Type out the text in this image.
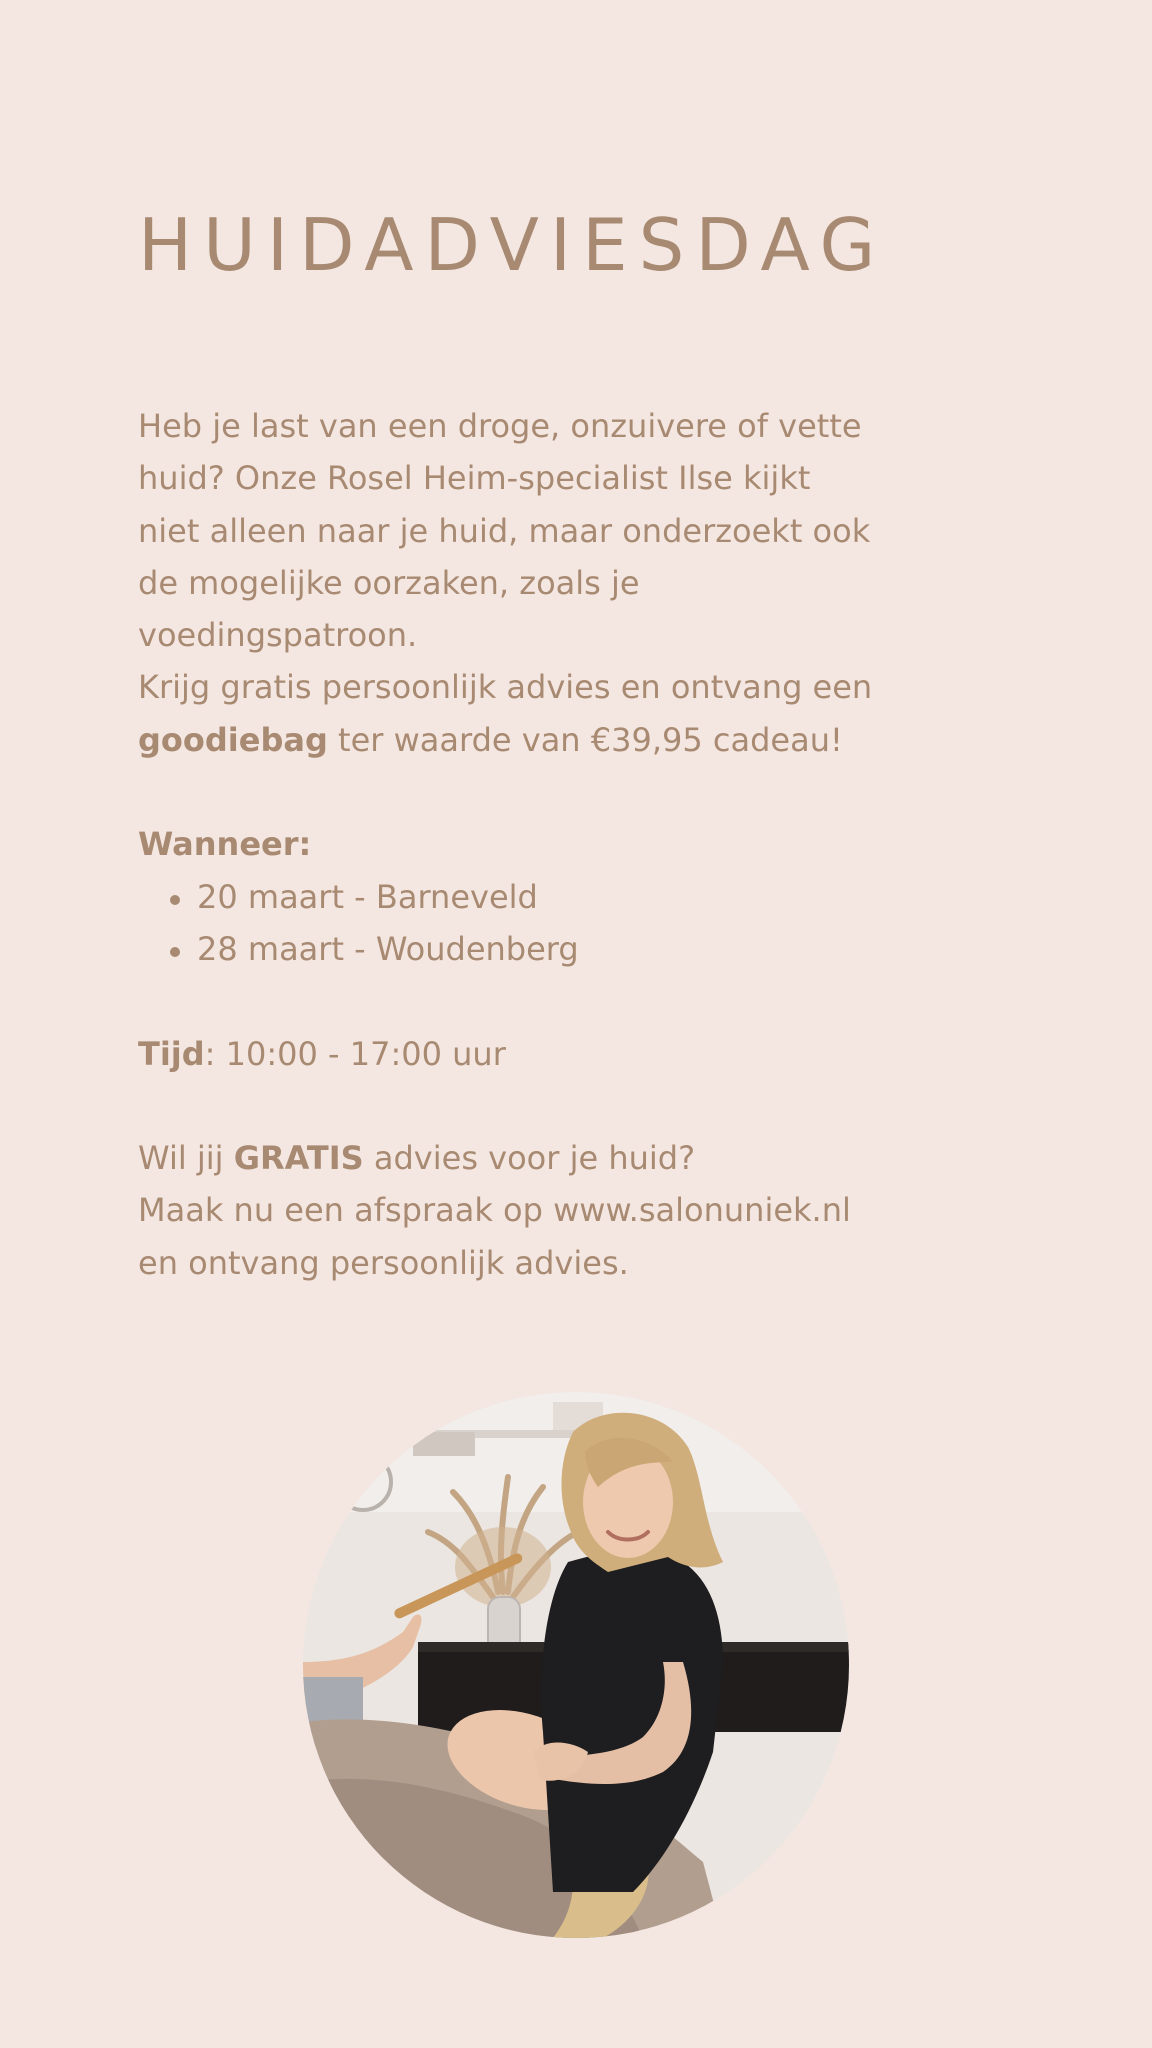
HUIDADVIESDAG

Heb je last van een droge, onzuivere of vette
huid? Onze Rosel Heim-specialist Ilse kijkt
niet alleen naar je huid, maar onderzoekt ook
de mogelijke oorzaken, zoals je
voedingspatroon.
Krijg gratis persoonlijk advies en ontvang een
goodiebag ter waarde van €39,95 cadeau!

Wanneer:

20 maart - Barneveld
28 maart - Woudenberg

Tijd: 10:00 - 17:00 uur

Wil jij GRATIS advies voor je huid?
Maak nu een afspraak op www.salonuniek.nl
en ontvang persoonlijk advies.
